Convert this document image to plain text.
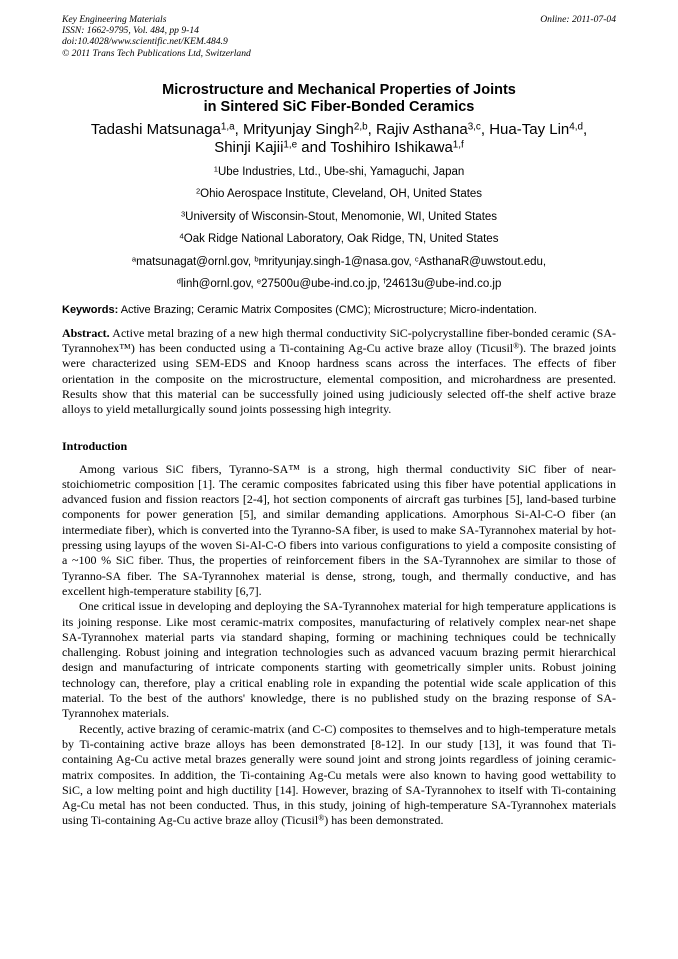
Key Engineering Materials	Online: 2011-07-04
ISSN: 1662-9795, Vol. 484, pp 9-14
doi:10.4028/www.scientific.net/KEM.484.9
© 2011 Trans Tech Publications Ltd, Switzerland
Microstructure and Mechanical Properties of Joints
in Sintered SiC Fiber-Bonded Ceramics
Tadashi Matsunaga$^{1,a}$, Mrityunjay Singh$^{2,b}$, Rajiv Asthana$^{3,c}$, Hua-Tay Lin$^{4,d}$,
Shinji Kajii$^{1,e}$ and Toshihiro Ishikawa$^{1,f}$
$^1$Ube Industries, Ltd., Ube-shi, Yamaguchi, Japan
$^2$Ohio Aerospace Institute, Cleveland, OH, United States
$^3$University of Wisconsin-Stout, Menomonie, WI, United States
$^4$Oak Ridge National Laboratory, Oak Ridge, TN, United States
$^a$matsunagat@ornl.gov, $^b$mrityunjay.singh-1@nasa.gov, $^c$AsthanaR@uwstout.edu,
$^d$linh@ornl.gov, $^e$27500u@ube-ind.co.jp, $^f$24613u@ube-ind.co.jp
Keywords: Active Brazing; Ceramic Matrix Composites (CMC); Microstructure; Micro-indentation.
Abstract. Active metal brazing of a new high thermal conductivity SiC-polycrystalline fiber-bonded ceramic (SA-Tyrannohex™) has been conducted using a Ti-containing Ag-Cu active braze alloy (Ticusil®). The brazed joints were characterized using SEM-EDS and Knoop hardness scans across the interfaces. The effects of fiber orientation in the composite on the microstructure, elemental composition, and microhardness are presented. Results show that this material can be successfully joined using judiciously selected off-the shelf active braze alloys to yield metallurgically sound joints possessing high integrity.
Introduction
Among various SiC fibers, Tyranno-SA™ is a strong, high thermal conductivity SiC fiber of near-stoichiometric composition [1]. The ceramic composites fabricated using this fiber have potential applications in advanced fusion and fission reactors [2-4], hot section components of aircraft gas turbines [5], land-based turbine components for power generation [5], and similar demanding applications. Amorphous Si-Al-C-O fiber (an intermediate fiber), which is converted into the Tyranno-SA fiber, is used to make SA-Tyrannohex material by hot-pressing using layups of the woven Si-Al-C-O fibers into various configurations to yield a composite consisting of a ~100 % SiC fiber. Thus, the properties of reinforcement fibers in the SA-Tyrannohex are similar to those of Tyranno-SA fiber. The SA-Tyrannohex material is dense, strong, tough, and thermally conductive, and has excellent high-temperature stability [6,7].
One critical issue in developing and deploying the SA-Tyrannohex material for high temperature applications is its joining response. Like most ceramic-matrix composites, manufacturing of relatively complex near-net shape SA-Tyrannohex material parts via standard shaping, forming or machining techniques could be technically challenging. Robust joining and integration technologies such as advanced vacuum brazing permit hierarchical design and manufacturing of intricate components starting with geometrically simpler units. Robust joining technology can, therefore, play a critical enabling role in expanding the potential wide scale application of this material. To the best of the authors' knowledge, there is no published study on the brazing response of SA-Tyrannohex materials.
Recently, active brazing of ceramic-matrix (and C-C) composites to themselves and to high-temperature metals by Ti-containing active braze alloys has been demonstrated [8-12]. In our study [13], it was found that Ti-containing Ag-Cu active metal brazes generally were sound joint and strong joints regardless of joining ceramic-matrix composites. In addition, the Ti-containing Ag-Cu metals were also known to having good wettability to SiC, a low melting point and high ductility [14]. However, brazing of SA-Tyrannohex to itself with Ti-containing Ag-Cu metal has not been conducted. Thus, in this study, joining of high-temperature SA-Tyrannohex materials using Ti-containing Ag-Cu active braze alloy (Ticusil®) has been demonstrated.
